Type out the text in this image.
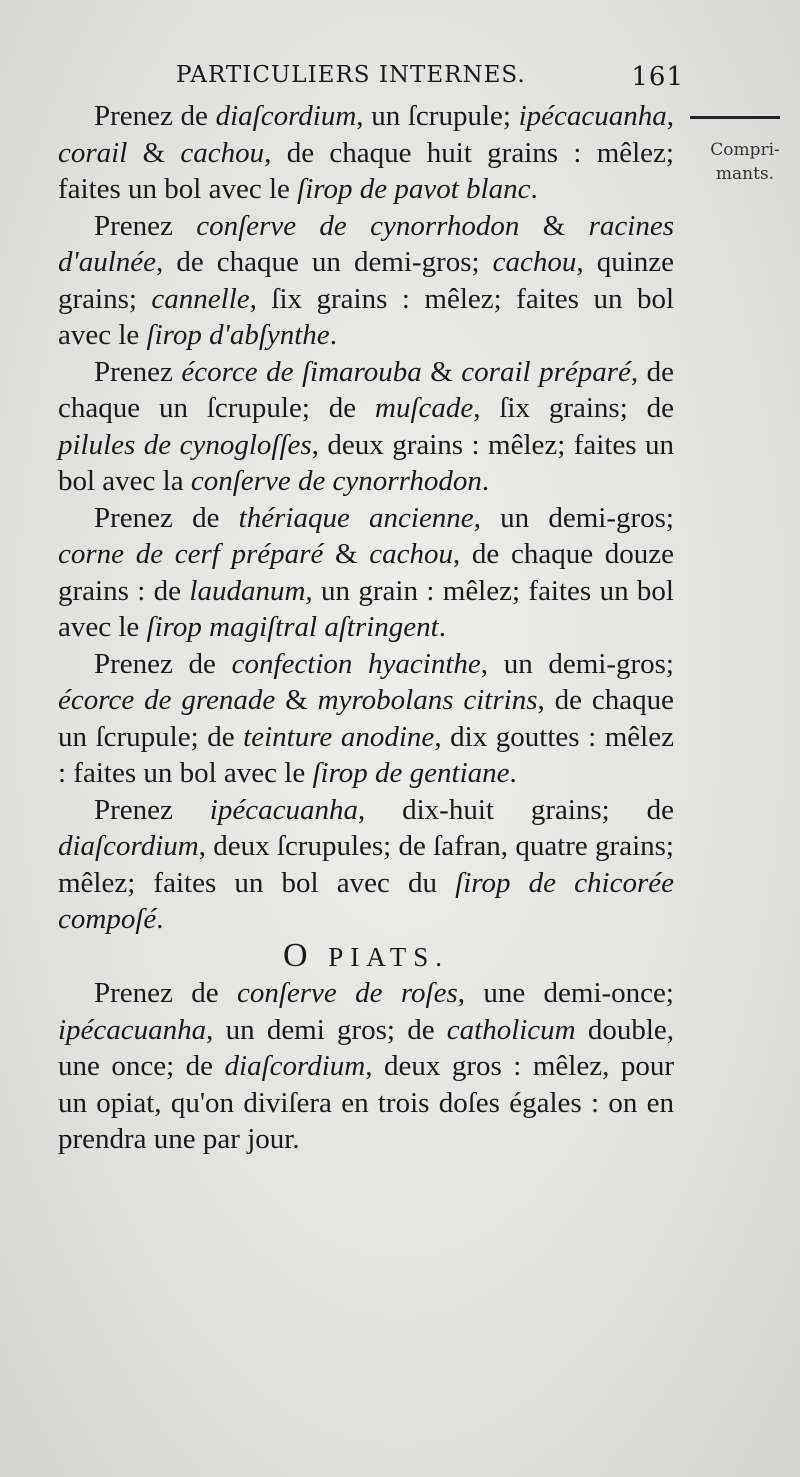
PARTICULIERS INTERNES.	161
Compri-mants.

Prenez de diaſcordium, un ſcrupule; ipécacuanha, corail & cachou, de chaque huit grains : mêlez; faites un bol avec le ſirop de pavot blanc.

Prenez conſerve de cynorrhodon & racines d'aulnée, de chaque un demi-gros; cachou, quinze grains; cannelle, ſix grains : mêlez; faites un bol avec le ſirop d'abſynthe.

Prenez écorce de ſimarouba & corail préparé, de chaque un ſcrupule; de muſcade, ſix grains; de pilules de cynogloſſes, deux grains : mêlez; faites un bol avec la conſerve de cynorrhodon.

Prenez de thériaque ancienne, un demi-gros; corne de cerf préparé & cachou, de chaque douze grains : de laudanum, un grain : mêlez; faites un bol avec le ſirop magiſtral aſtringent.

Prenez de confection hyacinthe, un demi-gros; écorce de grenade & myrobolans citrins, de chaque un ſcrupule; de teinture anodine, dix gouttes : mêlez : faites un bol avec le ſirop de gentiane.

Prenez ipécacuanha, dix-huit grains; de diaſcordium, deux ſcrupules; de ſafran, quatre grains; mêlez; faites un bol avec du ſirop de chicorée compoſé.

O PIATS.

Prenez de conſerve de roſes, une demi-once; ipécacuanha, un demi gros; de catholicum double, une once; de diaſcordium, deux gros : mêlez, pour un opiat, qu'on diviſera en trois doſes égales : on en prendra une par jour.
